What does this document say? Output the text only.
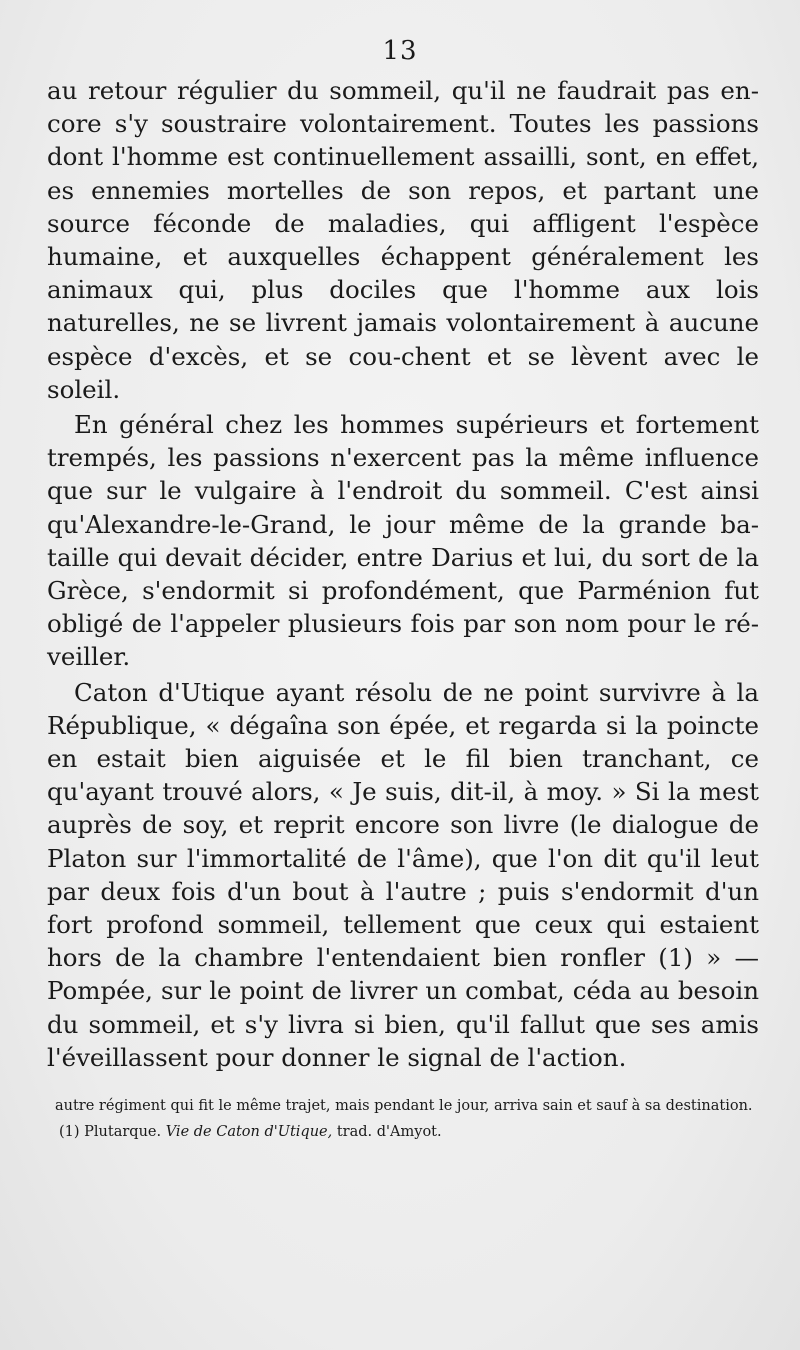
13

au retour régulier du sommeil, qu'il ne faudrait pas en-core s'y soustraire volontairement. Toutes les passions dont l'homme est continuellement assailli, sont, en effet, es ennemies mortelles de son repos, et partant une source féconde de maladies, qui affligent l'espèce humaine, et auxquelles échappent généralement les animaux qui, plus dociles que l'homme aux lois naturelles, ne se livrent jamais volontairement à aucune espèce d'excès, et se cou-chent et se lèvent avec le soleil.

En général chez les hommes supérieurs et fortement trempés, les passions n'exercent pas la même influence que sur le vulgaire à l'endroit du sommeil. C'est ainsi qu'Alexandre-le-Grand, le jour même de la grande ba-taille qui devait décider, entre Darius et lui, du sort de la Grèce, s'endormit si profondément, que Parménion fut obligé de l'appeler plusieurs fois par son nom pour le ré-veiller.

Caton d'Utique ayant résolu de ne point survivre à la République, « dégaîna son épée, et regarda si la poincte en estait bien aiguisée et le fil bien tranchant, ce qu'ayant trouvé alors, « Je suis, dit-il, à moy. » Si la mest auprès de soy, et reprit encore son livre (le dialogue de Platon sur l'immortalité de l'âme), que l'on dit qu'il leut par deux fois d'un bout à l'autre ; puis s'endormit d'un fort profond sommeil, tellement que ceux qui estaient hors de la chambre l'entendaient bien ronfler (1) » — Pompée, sur le point de livrer un combat, céda au besoin du sommeil, et s'y livra si bien, qu'il fallut que ses amis l'éveillassent pour donner le signal de l'action.

autre régiment qui fit le même trajet, mais pendant le jour, arriva sain et sauf à sa destination.

(1) Plutarque. Vie de Caton d'Utique, trad. d'Amyot.
